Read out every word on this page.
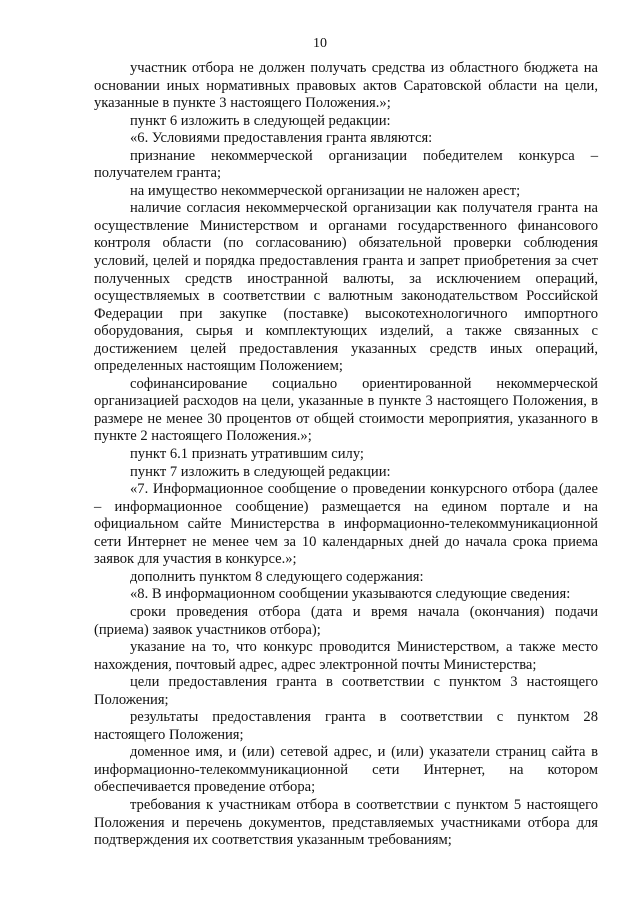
10

участник отбора не должен получать средства из областного бюджета на основании иных нормативных правовых актов Саратовской области на цели, указанные в пункте 3 настоящего Положения.»;

пункт 6 изложить в следующей редакции:

«6. Условиями предоставления гранта являются:

признание некоммерческой организации победителем конкурса – получателем гранта;

на имущество некоммерческой организации не наложен арест;

наличие согласия некоммерческой организации как получателя гранта на осуществление Министерством и органами государственного финансового контроля области (по согласованию) обязательной проверки соблюдения условий, целей и порядка предоставления гранта и запрет приобретения за счет полученных средств иностранной валюты, за исключением операций, осуществляемых в соответствии с валютным законодательством Российской Федерации при закупке (поставке) высокотехнологичного импортного оборудования, сырья и комплектующих изделий, а также связанных с достижением целей предоставления указанных средств иных операций, определенных настоящим Положением;

софинансирование социально ориентированной некоммерческой организацией расходов на цели, указанные в пункте 3 настоящего Положения, в размере не менее 30 процентов от общей стоимости мероприятия, указанного в пункте 2 настоящего Положения.»;

пункт 6.1 признать утратившим силу;

пункт 7 изложить в следующей редакции:

«7. Информационное сообщение о проведении конкурсного отбора (далее – информационное сообщение) размещается на едином портале и на официальном сайте Министерства в информационно-телекоммуникационной сети Интернет не менее чем за 10 календарных дней до начала срока приема заявок для участия в конкурсе.»;

дополнить пунктом 8 следующего содержания:

«8. В информационном сообщении указываются следующие сведения:

сроки проведения отбора (дата и время начала (окончания) подачи (приема) заявок участников отбора);

указание на то, что конкурс проводится Министерством, а также место нахождения, почтовый адрес, адрес электронной почты Министерства;

цели предоставления гранта в соответствии с пунктом 3 настоящего Положения;

результаты предоставления гранта в соответствии с пунктом 28 настоящего Положения;

доменное имя, и (или) сетевой адрес, и (или) указатели страниц сайта в информационно-телекоммуникационной сети Интернет, на котором обеспечивается проведение отбора;

требования к участникам отбора в соответствии с пунктом 5 настоящего Положения и перечень документов, представляемых участниками отбора для подтверждения их соответствия указанным требованиям;
